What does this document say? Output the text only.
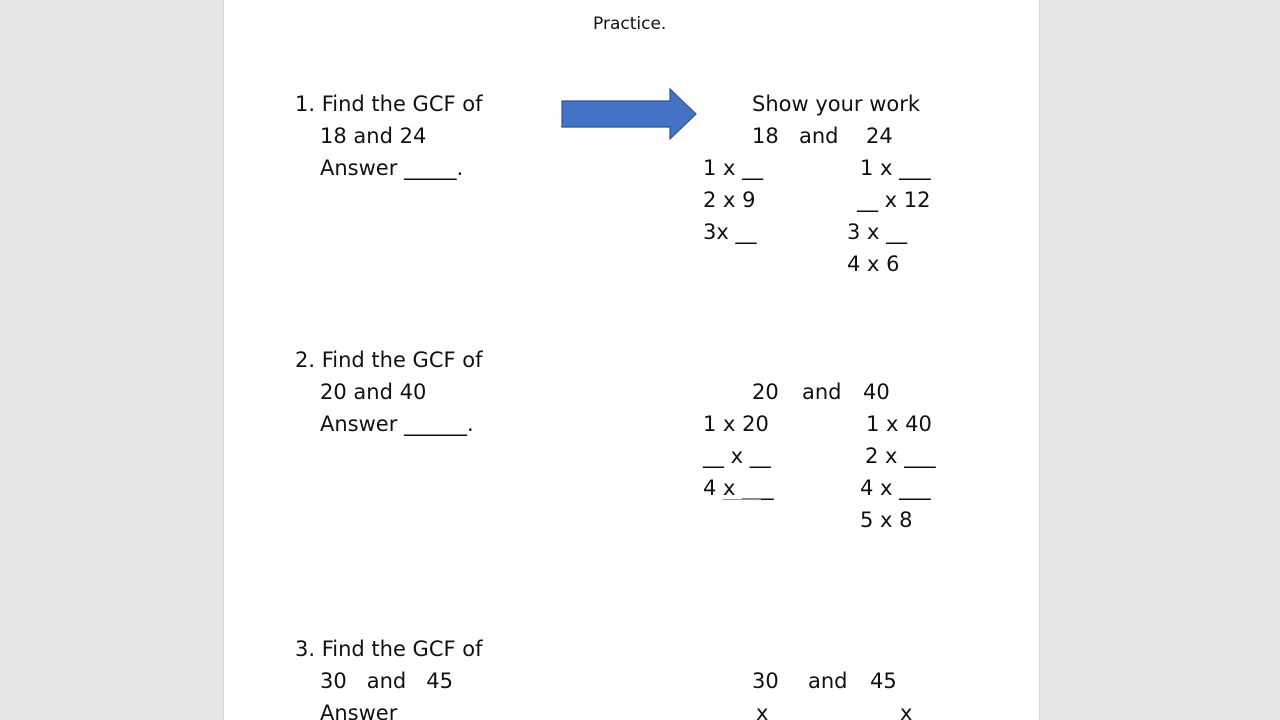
Practice.
1. Find the GCF of
18 and 24
Answer _____.
Show your work
18 and 24
1 x __
2 x 9
3x __
1 x ___
__ x 12
3 x __
4 x 6
2. Find the GCF of
20 and 40
Answer ______.
20 and 40
1 x 20
__ x __
4 x ___
1 x 40
2 x ___
4 x ___
5 x 8
3. Find the GCF of
30   and   45
Answer
30 and 45
x	x
